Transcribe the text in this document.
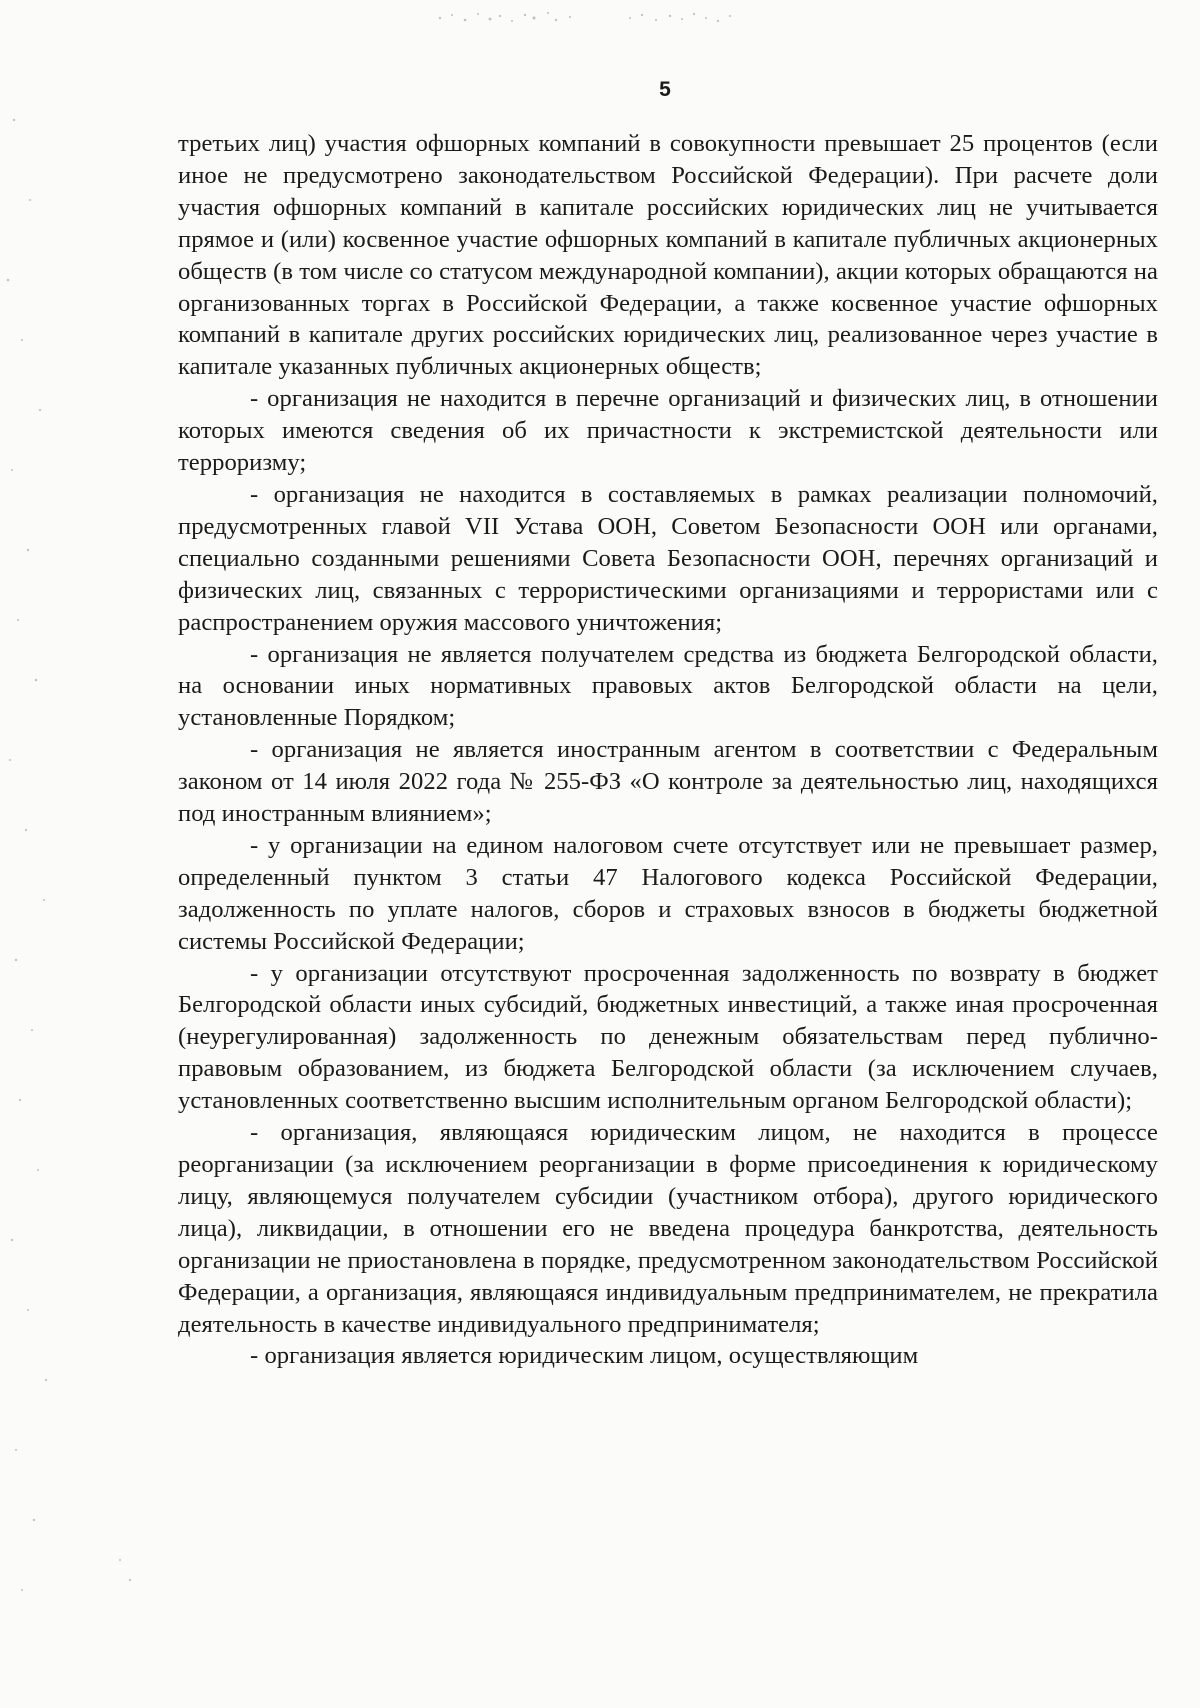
5

третьих лиц) участия офшорных компаний в совокупности превышает 25 процентов (если иное не предусмотрено законодательством Российской Федерации). При расчете доли участия офшорных компаний в капитале российских юридических лиц не учитывается прямое и (или) косвенное участие офшорных компаний в капитале публичных акционерных обществ (в том числе со статусом международной компании), акции которых обращаются на организованных торгах в Российской Федерации, а также косвенное участие офшорных компаний в капитале других российских юридических лиц, реализованное через участие в капитале указанных публичных акционерных обществ;

- организация не находится в перечне организаций и физических лиц, в отношении которых имеются сведения об их причастности к экстремистской деятельности или терроризму;

- организация не находится в составляемых в рамках реализации полномочий, предусмотренных главой VII Устава ООН, Советом Безопасности ООН или органами, специально созданными решениями Совета Безопасности ООН, перечнях организаций и физических лиц, связанных с террористическими организациями и террористами или с распространением оружия массового уничтожения;

- организация не является получателем средства из бюджета Белгородской области, на основании иных нормативных правовых актов Белгородской области на цели, установленные Порядком;

- организация не является иностранным агентом в соответствии с Федеральным законом от 14 июля 2022 года № 255-ФЗ «О контроле за деятельностью лиц, находящихся под иностранным влиянием»;

- у организации на едином налоговом счете отсутствует или не превышает размер, определенный пунктом 3 статьи 47 Налогового кодекса Российской Федерации, задолженность по уплате налогов, сборов и страховых взносов в бюджеты бюджетной системы Российской Федерации;

- у организации отсутствуют просроченная задолженность по возврату в бюджет Белгородской области иных субсидий, бюджетных инвестиций, а также иная просроченная (неурегулированная) задолженность по денежным обязательствам перед публично-правовым образованием, из бюджета Белгородской области (за исключением случаев, установленных соответственно высшим исполнительным органом Белгородской области);

- организация, являющаяся юридическим лицом, не находится в процессе реорганизации (за исключением реорганизации в форме присоединения к юридическому лицу, являющемуся получателем субсидии (участником отбора), другого юридического лица), ликвидации, в отношении его не введена процедура банкротства, деятельность организации не приостановлена в порядке, предусмотренном законодательством Российской Федерации, а организация, являющаяся индивидуальным предпринимателем, не прекратила деятельность в качестве индивидуального предпринимателя;

- организация является юридическим лицом, осуществляющим
